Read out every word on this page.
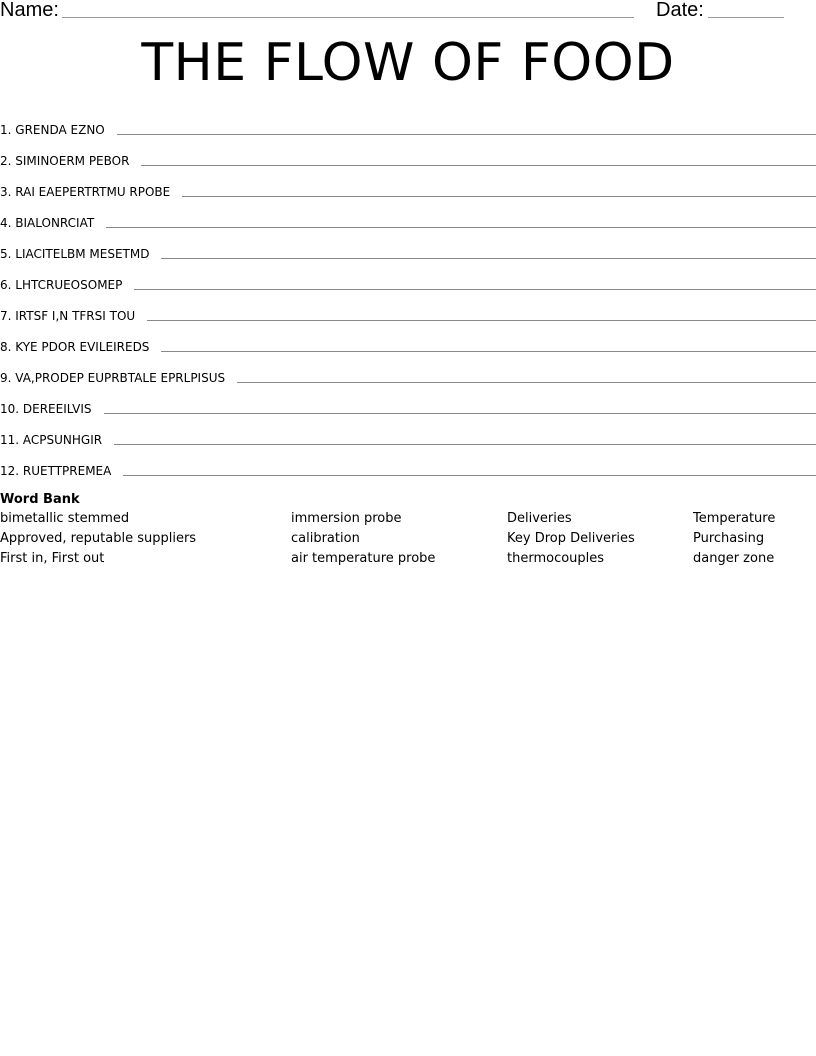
Name:	Date:
THE FLOW OF FOOD
1. GRENDA EZNO
2. SIMINOERM PEBOR
3. RAI EAEPERTRTMU RPOBE
4. BIALONRCIAT
5. LIACITELBM MESETMD
6. LHTCRUEOSOMEP
7. IRTSF I,N TFRSI TOU
8. KYE PDOR EVILEIREDS
9. VA,PRODEP EUPRBTALE EPRLPISUS
10. DEREEILVIS
11. ACPSUNHGIR
12. RUETTPREMEA
Word Bank
bimetallic stemmed
Approved, reputable suppliers
First in, First out
immersion probe
calibration
air temperature probe
Deliveries
Key Drop Deliveries
thermocouples
Temperature
Purchasing
danger zone
